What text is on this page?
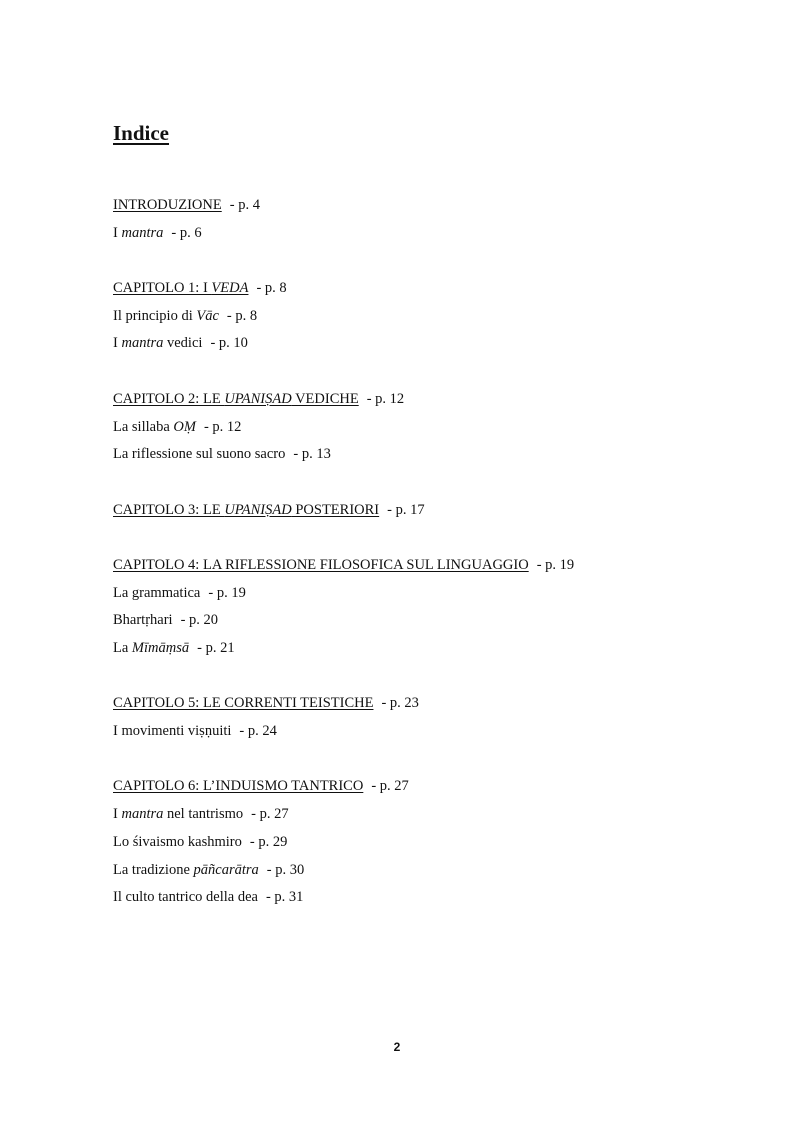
Indice
INTRODUZIONE - p. 4
I mantra - p. 6
CAPITOLO 1: I VEDA - p. 8
Il principio di Vāc - p. 8
I mantra vedici - p. 10
CAPITOLO 2: LE UPANIṢAD VEDICHE - p. 12
La sillaba OṂ - p. 12
La riflessione sul suono sacro - p. 13
CAPITOLO 3: LE UPANIṢAD POSTERIORI - p. 17
CAPITOLO 4: LA RIFLESSIONE FILOSOFICA SUL LINGUAGGIO - p. 19
La grammatica - p. 19
Bhartṛhari - p. 20
La Mīmāṃsā - p. 21
CAPITOLO 5: LE CORRENTI TEISTICHE - p. 23
I movimenti viṣṇuiti - p. 24
CAPITOLO 6: L’INDUISMO TANTRICO - p. 27
I mantra nel tantrismo - p. 27
Lo śivaismo kashmiro - p. 29
La tradizione pāñcarātra - p. 30
Il culto tantrico della dea - p. 31
2
